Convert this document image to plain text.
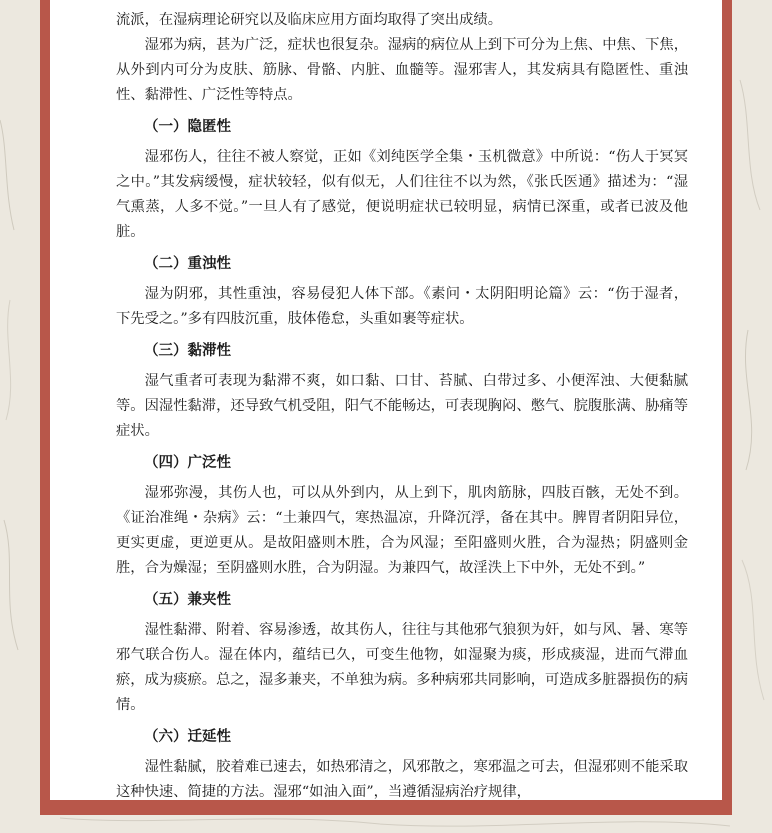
流派，在湿病理论研究以及临床应用方面均取得了突出成绩。

湿邪为病，甚为广泛，症状也很复杂。湿病的病位从上到下可分为上焦、中焦、下焦，从外到内可分为皮肤、筋脉、骨骼、内脏、血髓等。湿邪害人，其发病具有隐匿性、重浊性、黏滞性、广泛性等特点。

（一）隐匿性

湿邪伤人，往往不被人察觉，正如《刘纯医学全集・玉机微意》中所说：“伤人于冥冥之中。”其发病缓慢，症状较轻，似有似无，人们往往不以为然，《张氏医通》描述为：“湿气熏蒸，人多不觉。”一旦人有了感觉，便说明症状已较明显，病情已深重，或者已波及他脏。

（二）重浊性

湿为阴邪，其性重浊，容易侵犯人体下部。《素问・太阴阳明论篇》云：“伤于湿者，下先受之。”多有四肢沉重，肢体倦怠，头重如裹等症状。

（三）黏滞性

湿气重者可表现为黏滞不爽，如口黏、口甘、苔腻、白带过多、小便浑浊、大便黏腻等。因湿性黏滞，还导致气机受阻，阳气不能畅达，可表现胸闷、憋气、脘腹胀满、胁痛等症状。

（四）广泛性

湿邪弥漫，其伤人也，可以从外到内，从上到下，肌肉筋脉，四肢百骸，无处不到。《证治准绳・杂病》云：“土兼四气，寒热温凉，升降沉浮，备在其中。脾胃者阴阳异位，更实更虚，更逆更从。是故阳盛则木胜，合为风湿；至阳盛则火胜，合为湿热；阴盛则金胜，合为燥湿；至阴盛则水胜，合为阴湿。为兼四气，故淫泆上下中外，无处不到。”

（五）兼夹性

湿性黏滞、附着、容易渗透，故其伤人，往往与其他邪气狼狈为奸，如与风、暑、寒等邪气联合伤人。湿在体内，蕴结已久，可变生他物，如湿聚为痰，形成痰湿，进而气滞血瘀，成为痰瘀。总之，湿多兼夹，不单独为病。多种病邪共同影响，可造成多脏器损伤的病情。

（六）迁延性

湿性黏腻，胶着难已速去，如热邪清之，风邪散之，寒邪温之可去，但湿邪则不能采取这种快速、简捷的方法。湿邪“如油入面”，当遵循湿病治疗规律，
